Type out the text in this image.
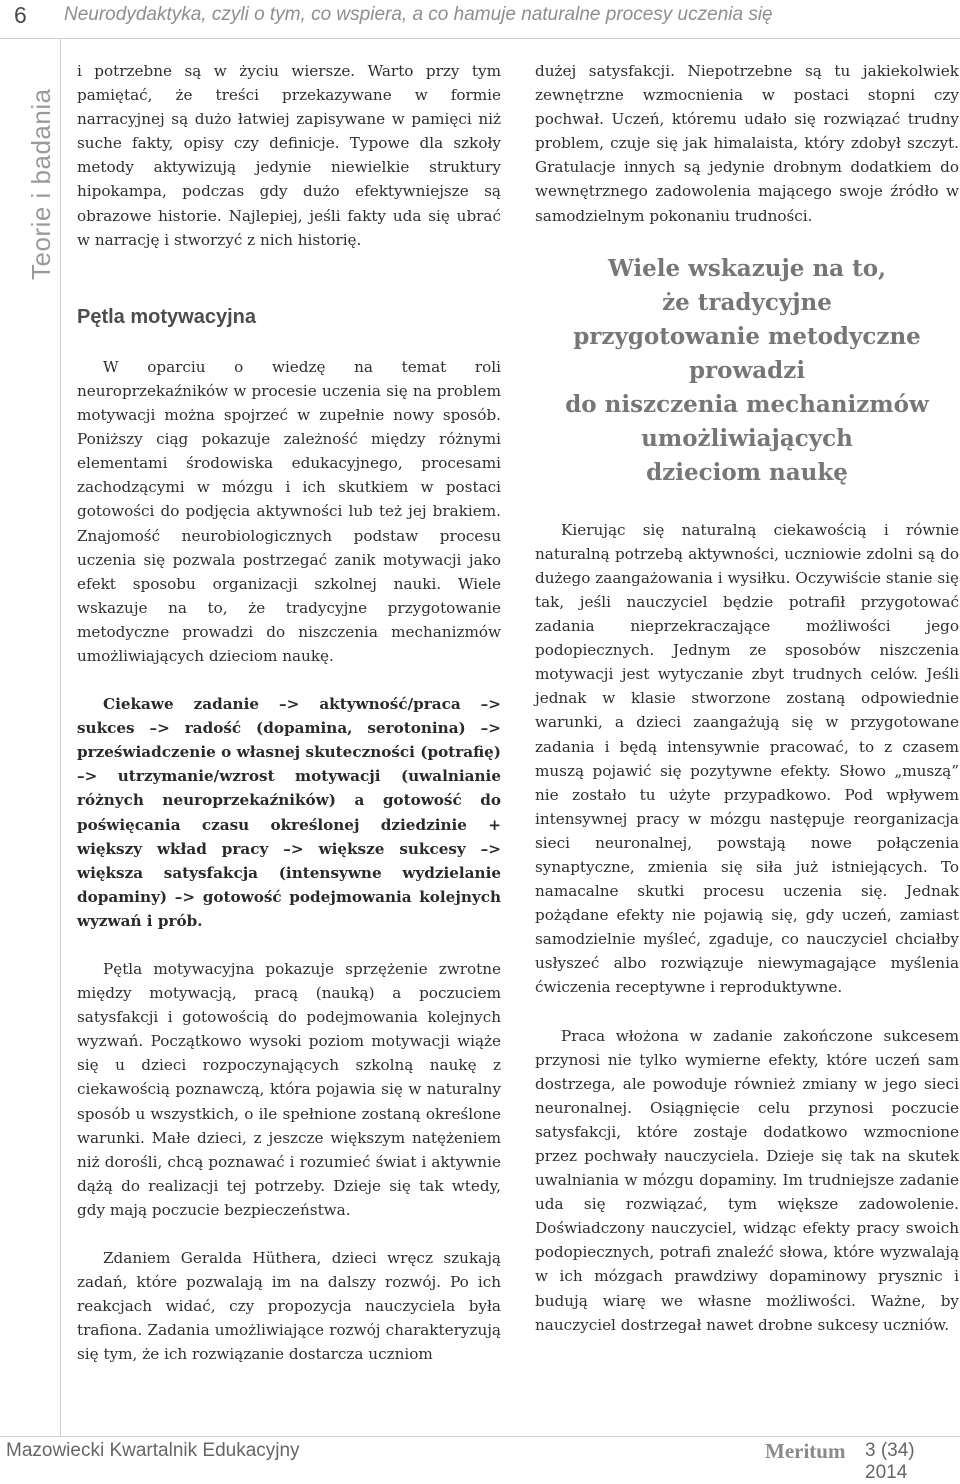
6 Neurodydaktyka, czyli o tym, co wspiera, a co hamuje naturalne procesy uczenia się
Teorie i badania

i potrzebne są w życiu wiersze. Warto przy tym pamiętać, że treści przekazywane w formie narracyjnej są dużo łatwiej zapisywane w pamięci niż suche fakty, opisy czy definicje. Typowe dla szkoły metody aktywizują jedynie niewielkie struktury hipokampa, podczas gdy dużo efektywniejsze są obrazowe historie. Najlepiej, jeśli fakty uda się ubrać w narrację i stworzyć z nich historię.

Pętla motywacyjna

W oparciu o wiedzę na temat roli neuroprzekaźników w procesie uczenia się na problem motywacji można spojrzeć w zupełnie nowy sposób. Poniższy ciąg pokazuje zależność między różnymi elementami środowiska edukacyjnego, procesami zachodzącymi w mózgu i ich skutkiem w postaci gotowości do podjęcia aktywności lub też jej brakiem. Znajomość neurobiologicznych podstaw procesu uczenia się pozwala postrzegać zanik motywacji jako efekt sposobu organizacji szkolnej nauki. Wiele wskazuje na to, że tradycyjne przygotowanie metodyczne prowadzi do niszczenia mechanizmów umożliwiających dzieciom naukę.

Ciekawe zadanie –> aktywność/praca –> sukces –> radość (dopamina, serotonina) –> przeświadczenie o własnej skuteczności (potrafię) –> utrzymanie/wzrost motywacji (uwalnianie różnych neuroprzekaźników) a gotowość do poświęcania czasu określonej dziedzinie + większy wkład pracy –> większe sukcesy –> większa satysfakcja (intensywne wydzielanie dopaminy) –> gotowość podejmowania kolejnych wyzwań i prób.

Pętla motywacyjna pokazuje sprzężenie zwrotne między motywacją, pracą (nauką) a poczuciem satysfakcji i gotowością do podejmowania kolejnych wyzwań. Początkowo wysoki poziom motywacji wiąże się u dzieci rozpoczynających szkolną naukę z ciekawością poznawczą, która pojawia się w naturalny sposób u wszystkich, o ile spełnione zostaną określone warunki. Małe dzieci, z jeszcze większym natężeniem niż dorośli, chcą poznawać i rozumieć świat i aktywnie dążą do realizacji tej potrzeby. Dzieje się tak wtedy, gdy mają poczucie bezpieczeństwa.

Zdaniem Geralda Hüthera, dzieci wręcz szukają zadań, które pozwalają im na dalszy rozwój. Po ich reakcjach widać, czy propozycja nauczyciela była trafiona. Zadania umożliwiające rozwój charakteryzują się tym, że ich rozwiązanie dostarcza uczniom

dużej satysfakcji. Niepotrzebne są tu jakiekolwiek zewnętrzne wzmocnienia w postaci stopni czy pochwał. Uczeń, któremu udało się rozwiązać trudny problem, czuje się jak himalaista, który zdobył szczyt. Gratulacje innych są jedynie drobnym dodatkiem do wewnętrznego zadowolenia mającego swoje źródło w samodzielnym pokonaniu trudności.

Wiele wskazuje na to,

że tradycyjne

przygotowanie metodyczne

prowadzi

do niszczenia mechanizmów

umożliwiających

dzieciom naukę

Kierując się naturalną ciekawością i równie naturalną potrzebą aktywności, uczniowie zdolni są do dużego zaangażowania i wysiłku. Oczywiście stanie się tak, jeśli nauczyciel będzie potrafił przygotować zadania nieprzekraczające możliwości jego podopiecznych. Jednym ze sposobów niszczenia motywacji jest wytyczanie zbyt trudnych celów. Jeśli jednak w klasie stworzone zostaną odpowiednie warunki, a dzieci zaangażują się w przygotowane zadania i będą intensywnie pracować, to z czasem muszą pojawić się pozytywne efekty. Słowo „muszą” nie zostało tu użyte przypadkowo. Pod wpływem intensywnej pracy w mózgu następuje reorganizacja sieci neuronalnej, powstają nowe połączenia synaptyczne, zmienia się siła już istniejących. To namacalne skutki procesu uczenia się. Jednak pożądane efekty nie pojawią się, gdy uczeń, zamiast samodzielnie myśleć, zgaduje, co nauczyciel chciałby usłyszeć albo rozwiązuje niewymagające myślenia ćwiczenia receptywne i reproduktywne.

Praca włożona w zadanie zakończone sukcesem przynosi nie tylko wymierne efekty, które uczeń sam dostrzega, ale powoduje również zmiany w jego sieci neuronalnej. Osiągnięcie celu przynosi poczucie satysfakcji, które zostaje dodatkowo wzmocnione przez pochwały nauczyciela. Dzieje się tak na skutek uwalniania w mózgu dopaminy. Im trudniejsze zadanie uda się rozwiązać, tym większe zadowolenie. Doświadczony nauczyciel, widząc efekty pracy swoich podopiecznych, potrafi znaleźć słowa, które wyzwalają w ich mózgach prawdziwy dopaminowy prysznic i budują wiarę we własne możliwości. Ważne, by nauczyciel dostrzegał nawet drobne sukcesy uczniów.

Mazowiecki Kwartalnik Edukacyjny	Meritum 3 (34) 2014
